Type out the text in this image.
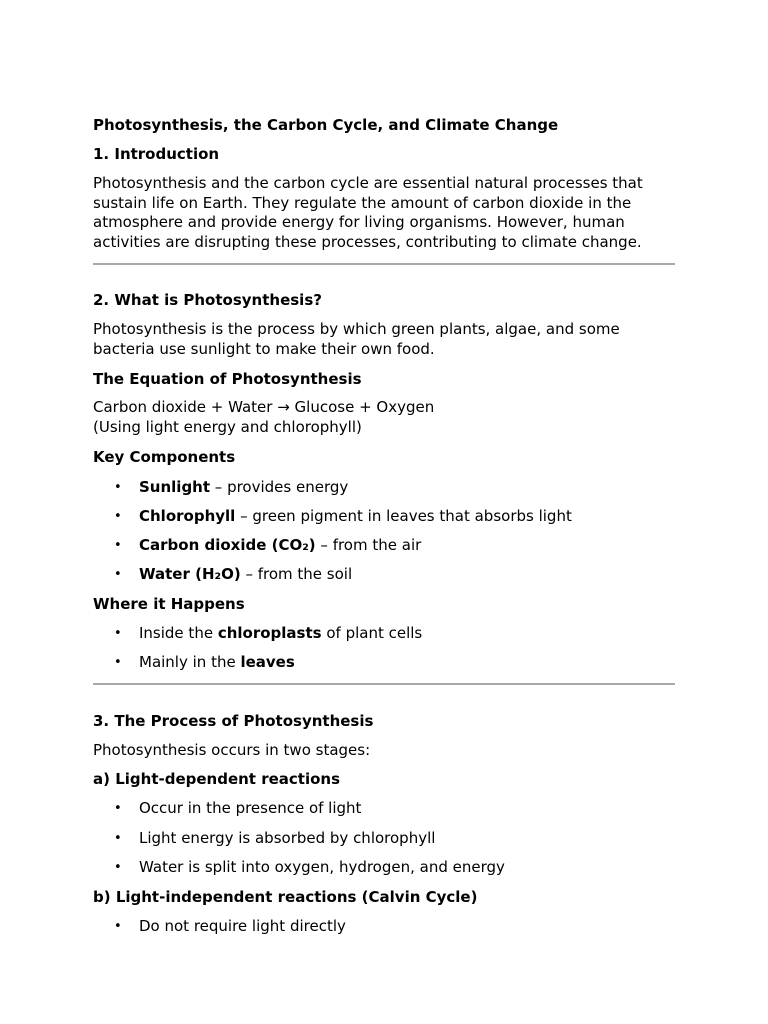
Photosynthesis, the Carbon Cycle, and Climate Change
1. Introduction
Photosynthesis and the carbon cycle are essential natural processes that
sustain life on Earth. They regulate the amount of carbon dioxide in the
atmosphere and provide energy for living organisms. However, human
activities are disrupting these processes, contributing to climate change.
2. What is Photosynthesis?
Photosynthesis is the process by which green plants, algae, and some
bacteria use sunlight to make their own food.
The Equation of Photosynthesis
Carbon dioxide + Water → Glucose + Oxygen
(Using light energy and chlorophyll)
Key Components
• Sunlight – provides energy
• Chlorophyll – green pigment in leaves that absorbs light
• Carbon dioxide (CO₂) – from the air
• Water (H₂O) – from the soil
Where it Happens
• Inside the chloroplasts of plant cells
• Mainly in the leaves
3. The Process of Photosynthesis
Photosynthesis occurs in two stages:
a) Light-dependent reactions
• Occur in the presence of light
• Light energy is absorbed by chlorophyll
• Water is split into oxygen, hydrogen, and energy
b) Light-independent reactions (Calvin Cycle)
• Do not require light directly
